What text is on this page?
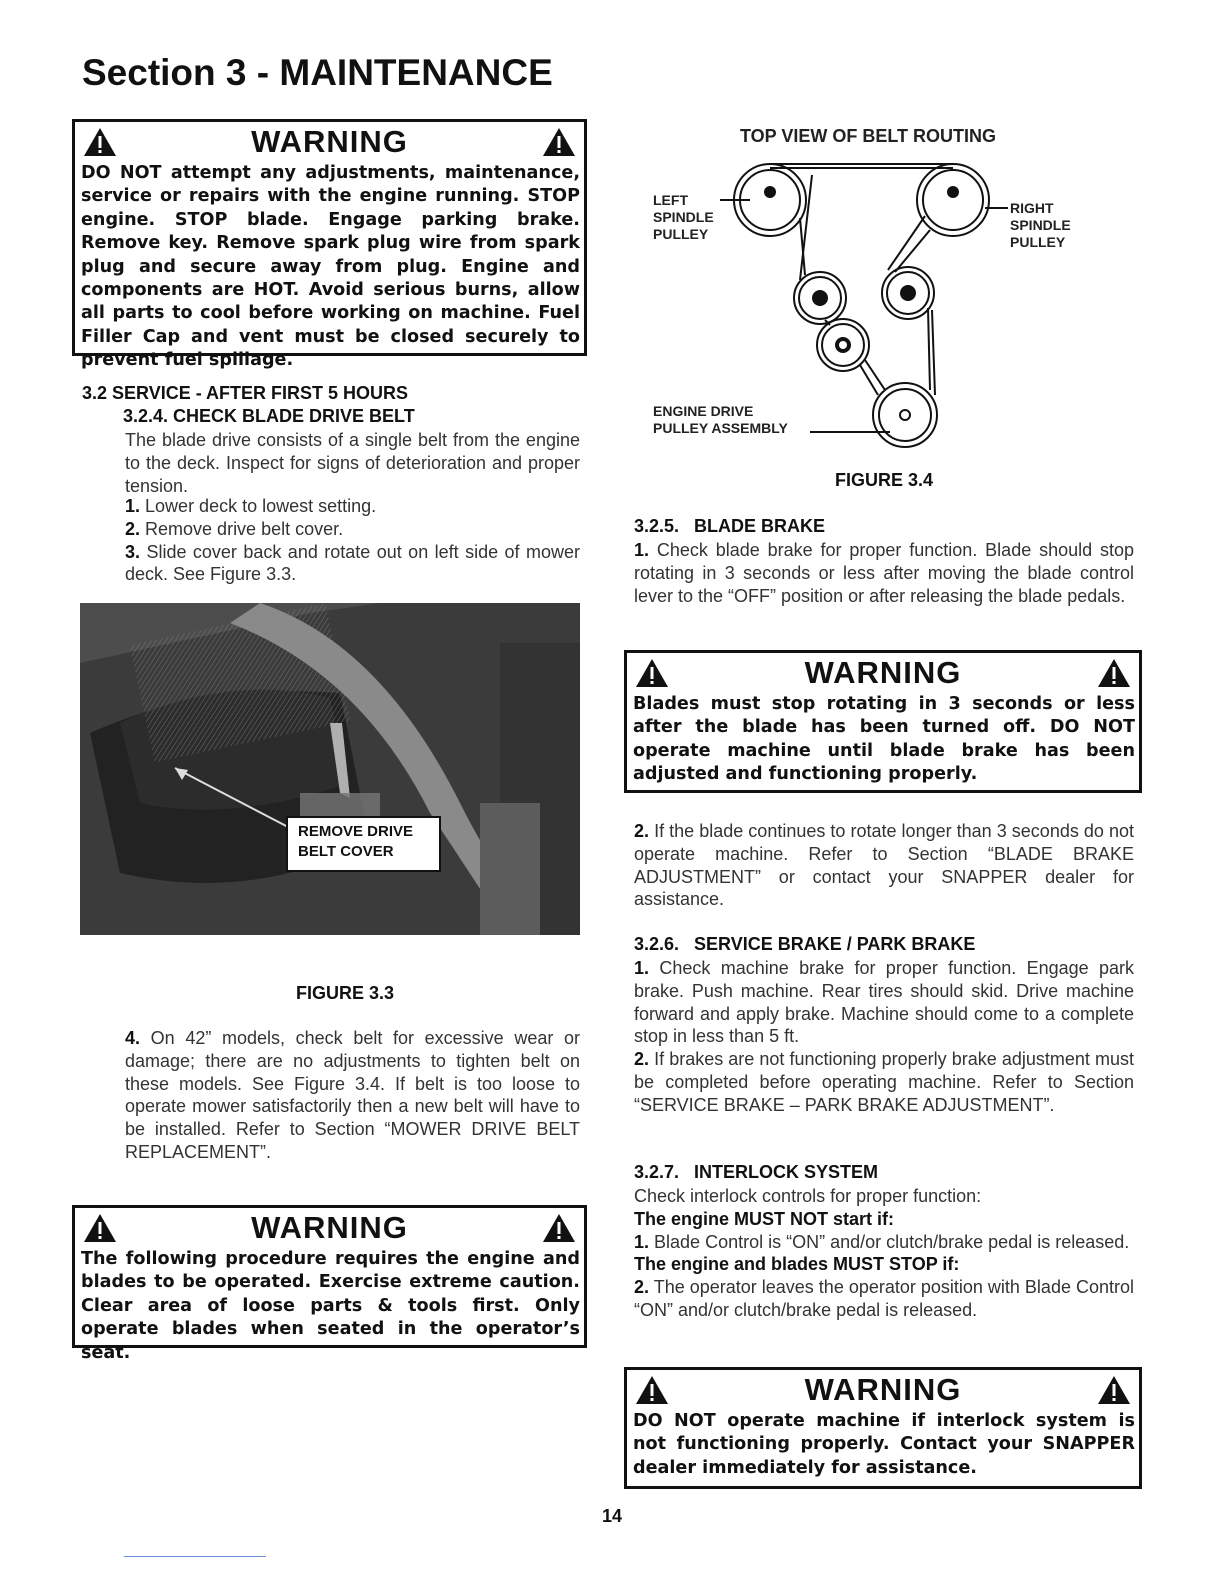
Section 3 - MAINTENANCE
WARNING
DO NOT attempt any adjustments, maintenance, service or repairs with the engine running. STOP engine. STOP blade. Engage parking brake. Remove key. Remove spark plug wire from spark plug and secure away from plug. Engine and components are HOT. Avoid serious burns, allow all parts to cool before working on machine. Fuel Filler Cap and vent must be closed securely to prevent fuel spillage.
3.2 SERVICE - AFTER FIRST 5 HOURS
3.2.4. CHECK BLADE DRIVE BELT
The blade drive consists of a single belt from the engine to the deck. Inspect for signs of deterioration and proper tension.

1. Lower deck to lowest setting.

2. Remove drive belt cover.

3. Slide cover back and rotate out on left side of mower deck. See Figure 3.3.

REMOVE DRIVE
BELT COVER
FIGURE 3.3
4. On 42” models, check belt for excessive wear or damage; there are no adjustments to tighten belt on these models. See Figure 3.4. If belt is too loose to operate mower satisfactorily then a new belt will have to be installed. Refer to Section “MOWER DRIVE BELT REPLACEMENT”.
WARNING
The following procedure requires the engine and blades to be operated. Exercise extreme caution. Clear area of loose parts & tools first. Only operate blades when seated in the operator’s seat.
TOP VIEW OF BELT ROUTING
LEFT
SPINDLE
PULLEY
RIGHT
SPINDLE
PULLEY
ENGINE DRIVE
PULLEY ASSEMBLY
FIGURE 3.4
3.2.5.   BLADE BRAKE
1. Check blade brake for proper function. Blade should stop rotating in 3 seconds or less after moving the blade control lever to the “OFF” position or after releasing the blade pedals.
WARNING
Blades must stop rotating in 3 seconds or less after the blade has been turned off. DO NOT operate machine until blade brake has been adjusted and functioning properly.
2. If the blade continues to rotate longer than 3 seconds do not operate machine. Refer to Section “BLADE BRAKE ADJUSTMENT” or contact your SNAPPER dealer for assistance.
3.2.6.   SERVICE BRAKE / PARK BRAKE
1. Check machine brake for proper function. Engage park brake. Push machine. Rear tires should skid. Drive machine forward and apply brake. Machine should come to a complete stop in less than 5 ft.
2. If brakes are not functioning properly brake adjustment must be completed before operating machine. Refer to Section “SERVICE BRAKE – PARK BRAKE ADJUSTMENT”.
3.2.7.   INTERLOCK SYSTEM
Check interlock controls for proper function:
The engine MUST NOT start if:
1. Blade Control is “ON” and/or clutch/brake pedal is released.
The engine and blades MUST STOP if:
2. The operator leaves the operator position with Blade Control “ON” and/or clutch/brake pedal is released.
WARNING
DO NOT operate machine if interlock system is not functioning properly. Contact your SNAPPER dealer immediately for assistance.
14
